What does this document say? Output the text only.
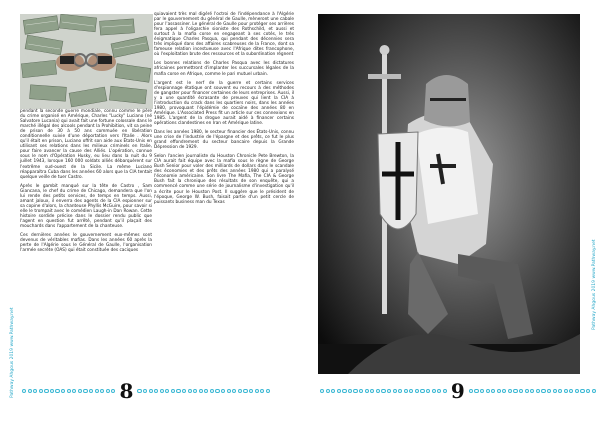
pendant la seconde guerre mondiale, connu comme le père du crime organisé en Amérique, Charles "Lucky" Luciano (né Salvatore Lucania) qui avait fait une fortune colossale dans le marché illégal des alcools pendant la Prohibition, vit sa peine de prison de 30 à 50 ans commuée en libération conditionnelle suivie d'une déportation vers l'Italie . Alors qu'il était en prison, Luciano offrit son aide aux États-Unis en utilisant ses relations dans les milieux criminels en Italie, pour faire avancer la cause des Alliés. L'opération, connue sous le nom d'Opération Husky, eu lieu dans la nuit du 9 juillet 1943, lorsque 160 000 soldats alliés débarquèrent sur l'extrême sud-ouest de la Sicile. La même Luciano réapparaîtra Cuba dans les années 60 alors que la CIA tentait quelque veille de tuer Castro.

Après le gambit manqué sur la tête de Castro , Sam Giancana, le chef du crime de Chicago, demandera que l'on lui rende des petits services, de temps en temps. Aussi, amant jaloux, il enverra des agents de la CIA espionner sur sa copine d'alors, la chanteuse Phyllis McGuire, pour savoir si elle le trompait avec le comédien Laugh-in Dan Rowan. Cette histoire sordide précise dans le dossier rendu public que l'agent en question fut arrêté, pendant qu'il plaçait des mouchards dans l'appartement de la chanteuse.

Ces dernières années le gouvernement eux-mêmes sont devenus de véritables mafias. Dans les années 60 après la perte de l'Algérie sous le Général de Gaulle, l'organisation l'armée secrète (OAS) qui était constituée des caciques

quiavaient très mal digéré l'octroi de l'indépendance à l'Algérie par le gouvernement du général de Gaulle, mèneront une cabale pour l'assassiner. Le général de Gaulle pour protéger ses arrières fera appel à l'oligarchie sioniste des Rothschild, et aussi et surtout à la mafia corse en engageant à ses cotés, le très énigmatique Charles Pasqua, qui pendant des décennies sera très impliqué dans des affaires scabreuses de la France, dont sa fameuse relation incestueuse avec l'Afrique dites francophone, où l'exploitation brute des ressources et la subordination régnent

Les bonnes relations de Charles Pasqua avec les dictatures africaines permettront d'implanter les succursales légales de la mafia corse en Afrique, comme le pari mutuel urbain.

L'argent est le nerf de la guerre et certains services d'espionnage étatique ont souvent eu recours à des méthodes de gangster pour financer certaines de leurs entreprises. Aussi, il y a une quantité écrasante de preuves qui lient la CIA à l'introduction du crack dans les quartiers noirs, dans les années 1980, provoquant l'épidémie de cocaïne des années 80 en Amérique. L'Associated Press fit un article sur ces connexions en 1985. L'argent de la drogue aurait aidé à financer certains opérations clandestines en Iran et Amérique latine.

Dans les années 1980, le secteur financier des États-Unis, connu une crise de l'industrie de l'épargne et des prêts, ce fut le plus grand effondrement du secteur bancaire depuis la Grande Dépression de 1929.

Selon l'ancien journaliste du Houston Chronicle Pete Brewton, la CIA aurait fait équipe avec la mafia sous le règne de George Bush Senior pour voler des milliards de dollars dans le scandale des économies et des prêts des années 1980 qui a paralysé l'économie américaine. Son livre The Mafia, The CIA & George Bush fait la chronique des résultats de son enquête, qui a commencé comme une série de journalisme d'investigation qu'il a écrite pour le Houston Post. Il suggère que le président de l'époque, George W. Bush, faisait partie d'un petit cercle de puissants business man du Texas

Pathway Ahgous 2019 www.Pathway.net	8
Pathway Ahgous 2019 www.Pathway.net
9
